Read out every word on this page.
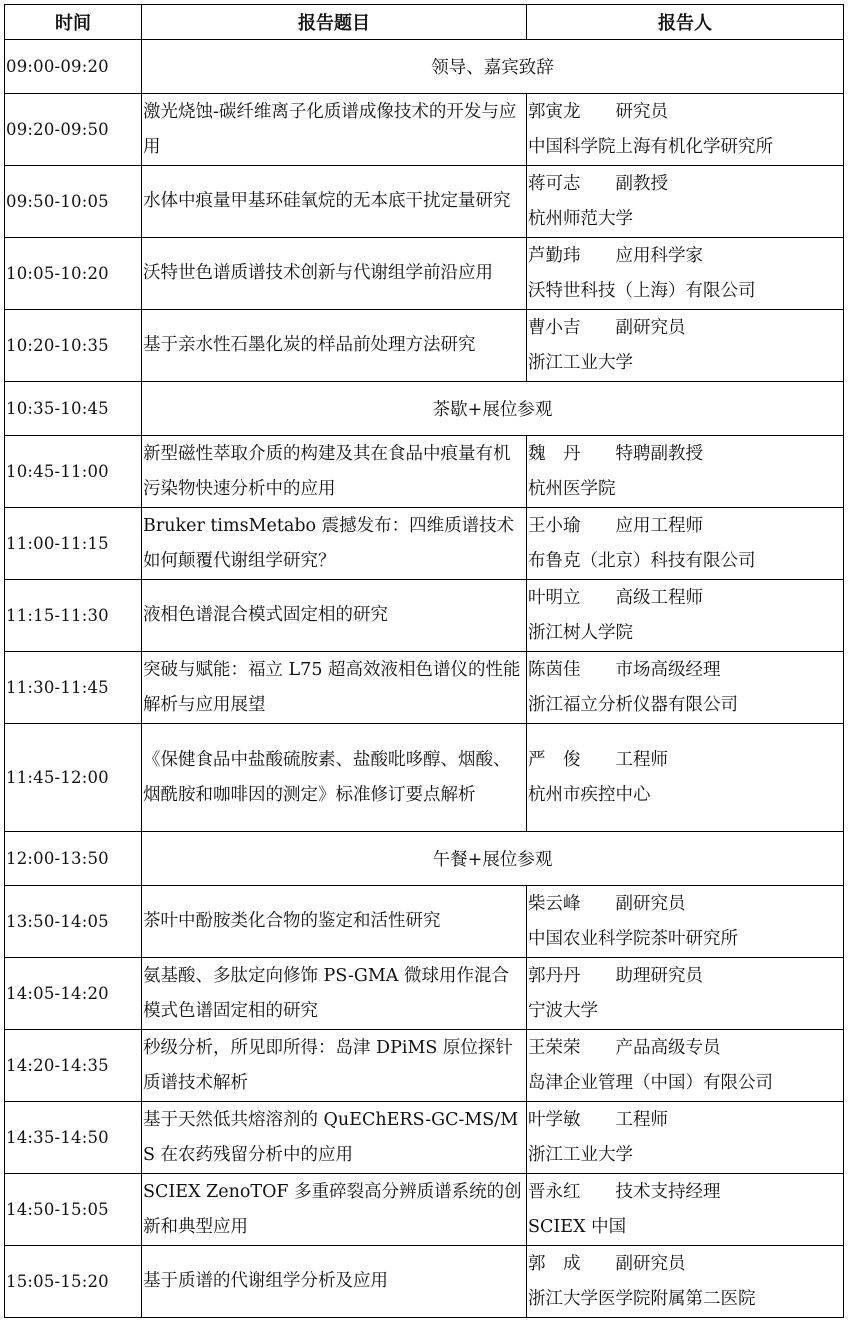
时间	报告题目	报告人
09:00-09:20	领导、嘉宾致辞	
09:20-09:50	激光烧蚀-碳纤维离子化质谱成像技术的开发与应用	郭寅龙　　 研究员
中国科学院上海有机化学研究所

09:50-10:05	水体中痕量甲基环硅氧烷的无本底干扰定量研究	蒋可志　　 副教授
杭州师范大学

10:05-10:20	沃特世色谱质谱技术创新与代谢组学前沿应用	芦勤玮　　 应用科学家
沃特世科技（上海）有限公司

10:20-10:35	基于亲水性石墨化炭的样品前处理方法研究	曹小吉　　 副研究员
浙江工业大学

10:35-10:45	茶歇+展位参观	
10:45-11:00	新型磁性萃取介质的构建及其在食品中痕量有机污染物快速分析中的应用	魏　丹　　 特聘副教授
杭州医学院

11:00-11:15	Bruker timsMetabo 震撼发布：四维质谱技术如何颠覆代谢组学研究？	王小瑜　　 应用工程师
布鲁克（北京）科技有限公司

11:15-11:30	液相色谱混合模式固定相的研究	叶明立　　 高级工程师
浙江树人学院

11:30-11:45	突破与赋能：福立 L75 超高效液相色谱仪的性能解析与应用展望	陈茵佳　　 市场高级经理
浙江福立分析仪器有限公司

11:45-12:00	《保健食品中盐酸硫胺素、盐酸吡哆醇、烟酸、烟酰胺和咖啡因的测定》标准修订要点解析	严　俊　　 工程师
杭州市疾控中心

12:00-13:50	午餐+展位参观	
13:50-14:05	茶叶中酚胺类化合物的鉴定和活性研究	柴云峰　　 副研究员
中国农业科学院茶叶研究所

14:05-14:20	氨基酸、多肽定向修饰 PS-GMA 微球用作混合模式色谱固定相的研究	郭丹丹　　 助理研究员
宁波大学

14:20-14:35	秒级分析，所见即所得：岛津 DPiMS 原位探针质谱技术解析	王荣荣　　 产品高级专员
岛津企业管理（中国）有限公司

14:35-14:50	基于天然低共熔溶剂的 QuEChERS-GC-MS/MS 在农药残留分析中的应用	叶学敏　　 工程师
浙江工业大学

14:50-15:05	SCIEX ZenoTOF 多重碎裂高分辨质谱系统的创新和典型应用	晋永红　　 技术支持经理
SCIEX 中国

15:05-15:20	基于质谱的代谢组学分析及应用	郭　成　　 副研究员
浙江大学医学院附属第二医院
